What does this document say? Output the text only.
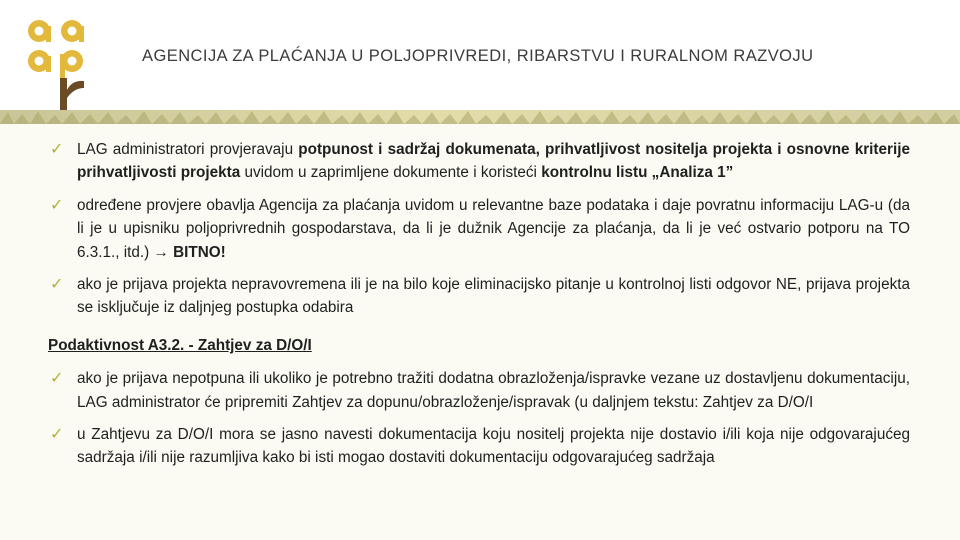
AGENCIJA ZA PLAĆANJA U POLJOPRIVREDI, RIBARSTVU I RURALNOM RAZVOJU
✓ LAG administratori provjeravaju potpunost i sadržaj dokumenata, prihvatljivost nositelja projekta i osnovne kriterije prihvatljivosti projekta uvidom u zaprimljene dokumente i koristeći kontrolnu listu „Analiza 1”
✓ određene provjere obavlja Agencija za plaćanja uvidom u relevantne baze podataka i daje povratnu informaciju LAG-u (da li je u upisniku poljoprivrednih gospodarstava, da li je dužnik Agencije za plaćanja, da li je već ostvario potporu na TO 6.3.1., itd.) → BITNO!
✓ ako je prijava projekta nepravovremena ili je na bilo koje eliminacijsko pitanje u kontrolnoj listi odgovor NE, prijava projekta se isključuje iz daljnjeg postupka odabira
Podaktivnost A3.2. - Zahtjev za D/O/I
✓ ako je prijava nepotpuna ili ukoliko je potrebno tražiti dodatna obrazloženja/ispravke vezane uz dostavljenu dokumentaciju, LAG administrator će pripremiti Zahtjev za dopunu/obrazloženje/ispravak (u daljnjem tekstu: Zahtjev za D/O/I
✓ u Zahtjevu za D/O/I mora se jasno navesti dokumentacija koju nositelj projekta nije dostavio i/ili koja nije odgovarajućeg sadržaja i/ili nije razumljiva kako bi isti mogao dostaviti dokumentaciju odgovarajućeg sadržaja
